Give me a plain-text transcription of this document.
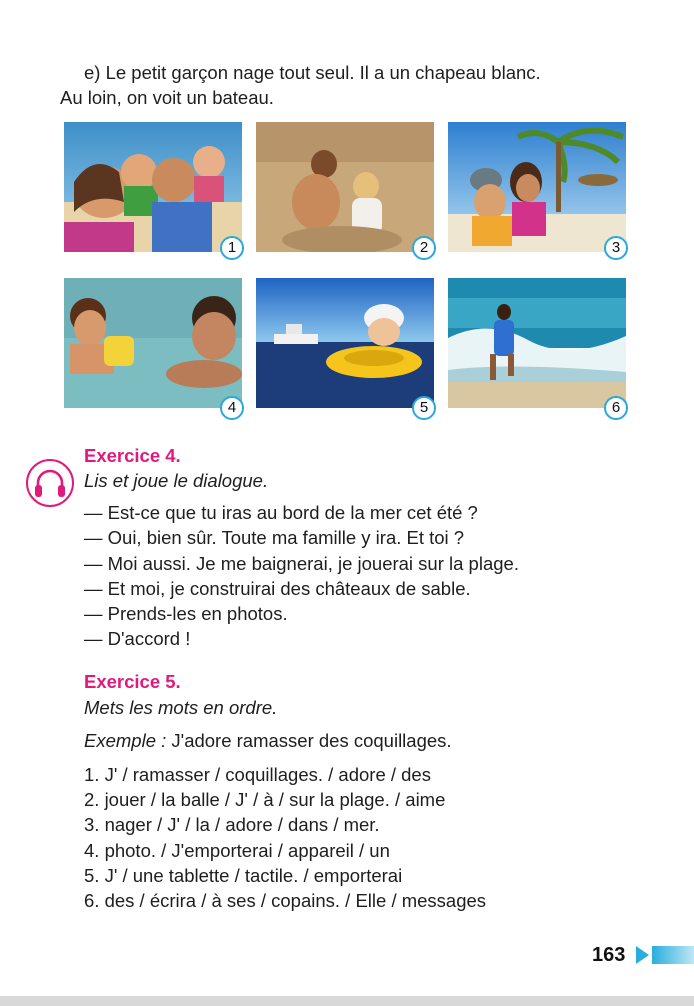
e) Le petit garçon nage tout seul. Il a un chapeau blanc.

Au loin, on voit un bateau.
1	2	3
4	5	6
Exercice 4.

Lis et joue le dialogue.

— Est-ce que tu iras au bord de la mer cet été ?
— Oui, bien sûr. Toute ma famille y ira. Et toi ?
— Moi aussi. Je me baignerai, je jouerai sur la plage.
— Et moi, je construirai des châteaux de sable.
— Prends-les en photos.
— D'accord !
Exercice 5.

Mets les mots en ordre.

Exemple : J'adore ramasser des coquillages.
1. J' / ramasser / coquillages. / adore / des
2. jouer / la balle / J' / à / sur la plage. / aime
3. nager / J' / la / adore / dans / mer.
4. photo. / J'emporterai / appareil / un
5. J' / une tablette / tactile. / emporterai
6. des / écrira / à ses / copains. / Elle / messages
163
